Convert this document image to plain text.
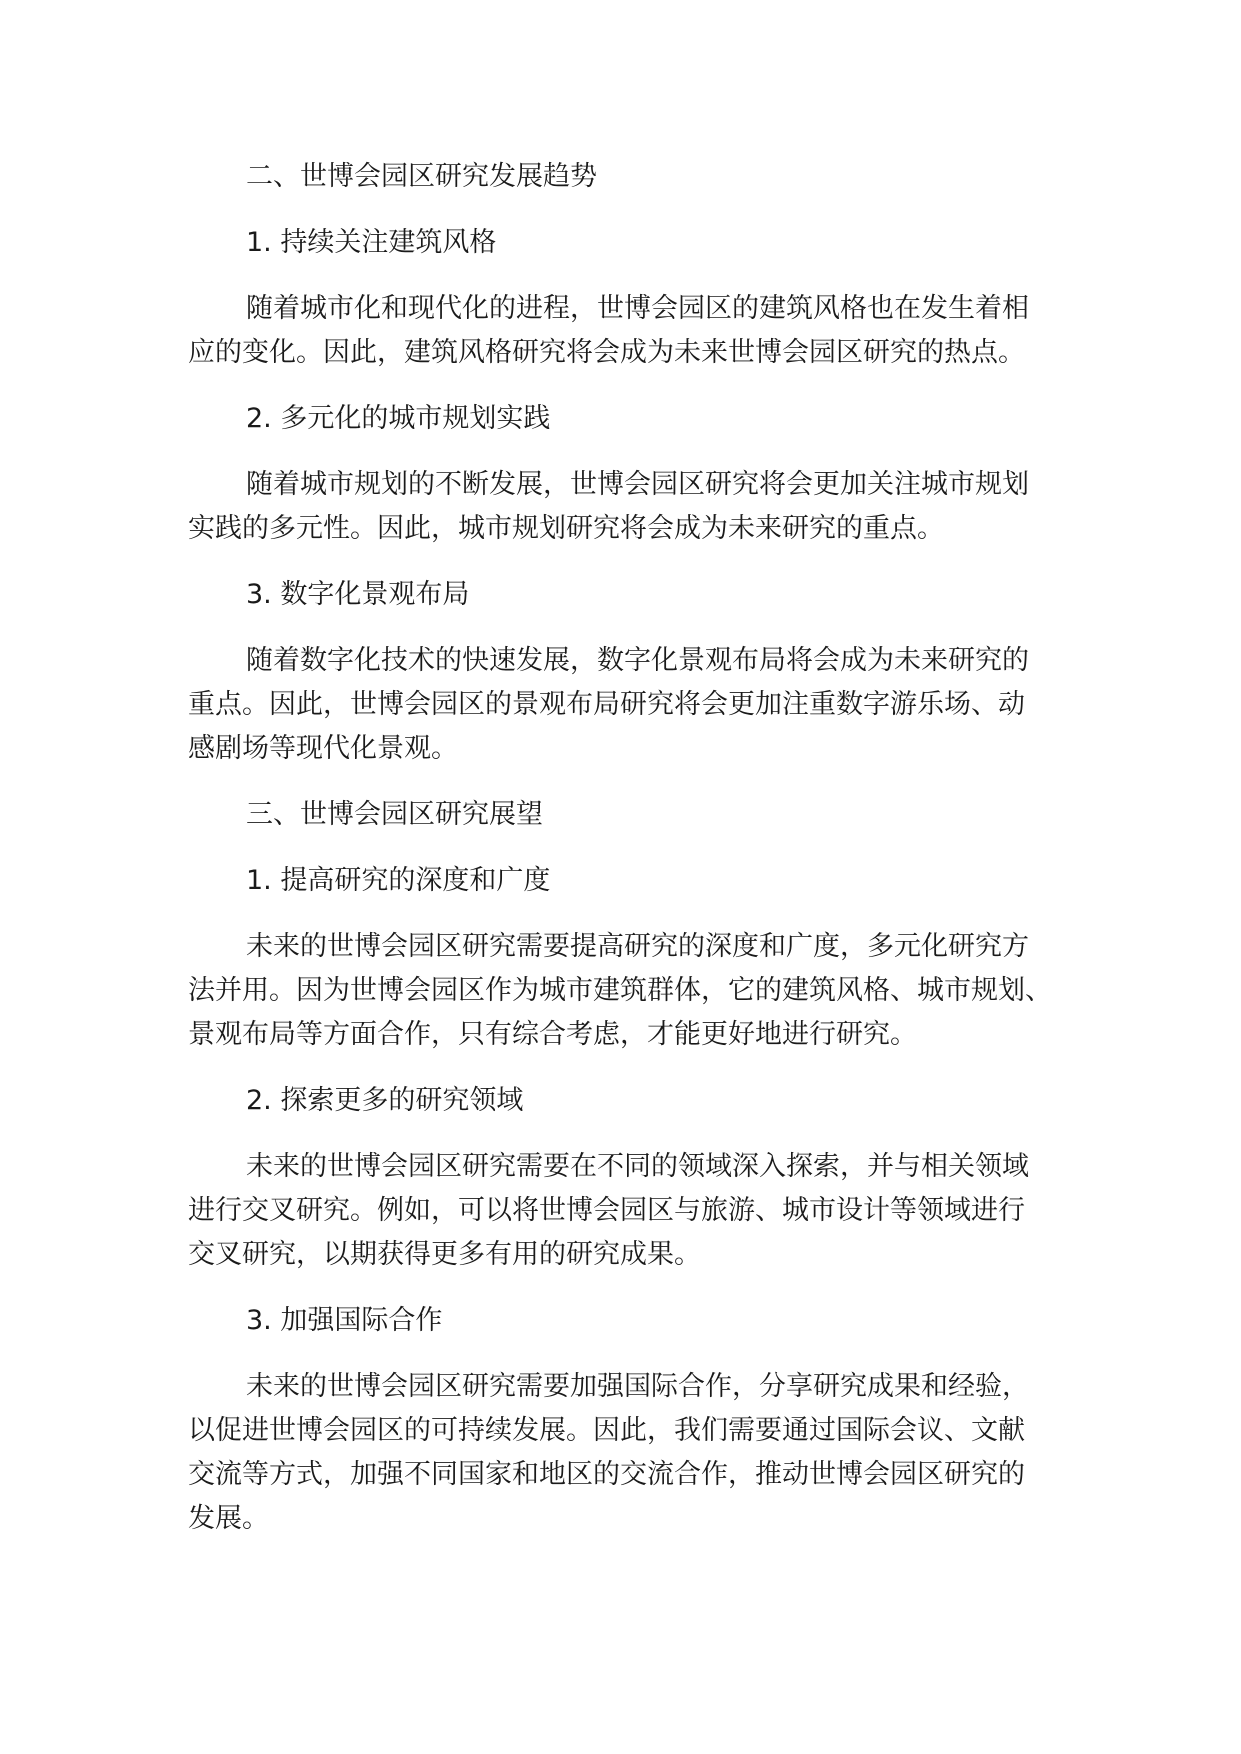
二、世博会园区研究发展趋势
1. 持续关注建筑风格
随着城市化和现代化的进程，世博会园区的建筑风格也在发生着相
应的变化。因此，建筑风格研究将会成为未来世博会园区研究的热点。
2. 多元化的城市规划实践
随着城市规划的不断发展，世博会园区研究将会更加关注城市规划
实践的多元性。因此，城市规划研究将会成为未来研究的重点。
3. 数字化景观布局
随着数字化技术的快速发展，数字化景观布局将会成为未来研究的
重点。因此，世博会园区的景观布局研究将会更加注重数字游乐场、动
感剧场等现代化景观。
三、世博会园区研究展望
1. 提高研究的深度和广度
未来的世博会园区研究需要提高研究的深度和广度，多元化研究方
法并用。因为世博会园区作为城市建筑群体，它的建筑风格、城市规划、
景观布局等方面合作，只有综合考虑，才能更好地进行研究。
2. 探索更多的研究领域
未来的世博会园区研究需要在不同的领域深入探索，并与相关领域
进行交叉研究。例如，可以将世博会园区与旅游、城市设计等领域进行
交叉研究，以期获得更多有用的研究成果。
3. 加强国际合作
未来的世博会园区研究需要加强国际合作，分享研究成果和经验，
以促进世博会园区的可持续发展。因此，我们需要通过国际会议、文献
交流等方式，加强不同国家和地区的交流合作，推动世博会园区研究的
发展。
